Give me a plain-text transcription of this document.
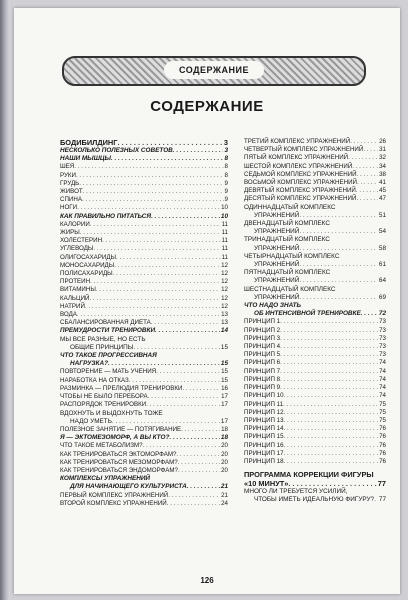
СОДЕРЖАНИЕ
СОДЕРЖАНИЕ
БОДИБИЛДИНГ . . .	3
НЕСКОЛЬКО ПОЛЕЗНЫХ СОВЕТОВ . . .	3
НАШИ МЫШЦЫ . . .	8
ШЕЯ . . .	8
РУКИ . . .	8
ГРУДЬ . . .	9
ЖИВОТ . . .	9
СПИНА . . .	9
НОГИ . . .	10
КАК ПРАВИЛЬНО ПИТАТЬСЯ . . .	10
КАЛОРИИ . . .	11
ЖИРЫ . . .	11
ХОЛЕСТЕРИН . . .	11
УГЛЕВОДЫ . . .	11
ОЛИГОСАХАРИДЫ . . .	11
МОНОСАХАРИДЫ . . .	12
ПОЛИСАХАРИДЫ . . .	12
ПРОТЕИН . . .	12
ВИТАМИНЫ . . .	12
КАЛЬЦИЙ . . .	12
НАТРИЙ . . .	12
ВОДА . . .	13
СБАЛАНСИРОВАННАЯ ДИЕТА . . .	13
ПРЕМУДРОСТИ ТРЕНИРОВКИ . . .	14
МЫ ВСЕ РАЗНЫЕ, НО ЕСТЬ
ОБЩИЕ ПРИНЦИПЫ . . .	15
ЧТО ТАКОЕ ПРОГРЕССИВНАЯ
НАГРУЗКА? . . .	15
ПОВТОРЕНИЕ — МАТЬ УЧЕНИЯ . . .	15
НАРАБОТКА НА ОТКАЗ . . .	15
РАЗМИНКА — ПРЕЛЮДИЯ ТРЕНИРОВКИ . . .	16
ЧТОБЫ НЕ БЫЛО ПЕРЕБОРА . . .	17
РАСПОРЯДОК ТРЕНИРОВКИ . . .	17
ВДОХНУТЬ И ВЫДОХНУТЬ ТОЖЕ
НАДО УМЕТЬ . . .	17
ПОЛЕЗНОЕ ЗАНЯТИЕ — ПОТЯГИВАНИЕ . . .	18
Я — ЭКТОМЕЗОМОРФ, А ВЫ КТО? . . .	18
ЧТО ТАКОЕ МЕТАБОЛИЗМ? . . .	20
КАК ТРЕНИРОВАТЬСЯ ЭКТОМОРФАМ? . . .	20
КАК ТРЕНИРОВАТЬСЯ МЕЗОМОРФАМ? . . .	20
КАК ТРЕНИРОВАТЬСЯ ЭНДОМОРФАМ? . . .	20
КОМПЛЕКСЫ УПРАЖНЕНИЙ
ДЛЯ НАЧИНАЮЩЕГО КУЛЬТУРИСТА . . .	21
ПЕРВЫЙ КОМПЛЕКС УПРАЖНЕНИЙ . . .	21
ВТОРОЙ КОМПЛЕКС УПРАЖНЕНИЙ . . .	24
ТРЕТИЙ КОМПЛЕКС УПРАЖНЕНИЙ . . .	26
ЧЕТВЕРТЫЙ КОМПЛЕКС УПРАЖНЕНИЙ . . .	31
ПЯТЫЙ КОМПЛЕКС УПРАЖНЕНИЙ . . .	32
ШЕСТОЙ КОМПЛЕКС УПРАЖНЕНИЙ . . .	34
СЕДЬМОЙ КОМПЛЕКС УПРАЖНЕНИЙ . . .	38
ВОСЬМОЙ КОМПЛЕКС УПРАЖНЕНИЙ . . .	41
ДЕВЯТЫЙ КОМПЛЕКС УПРАЖНЕНИЙ . . .	45
ДЕСЯТЫЙ КОМПЛЕКС УПРАЖНЕНИЙ . . .	47
ОДИННАДЦАТЫЙ КОМПЛЕКС
УПРАЖНЕНИЙ . . .	51
ДВЕНАДЦАТЫЙ КОМПЛЕКС
УПРАЖНЕНИЙ . . .	54
ТРИНАДЦАТЫЙ КОМПЛЕКС
УПРАЖНЕНИЙ . . .	58
ЧЕТЫРНАДЦАТЫЙ КОМПЛЕКС
УПРАЖНЕНИЙ . . .	61
ПЯТНАДЦАТЫЙ КОМПЛЕКС
УПРАЖНЕНИЙ . . .	64
ШЕСТНАДЦАТЫЙ КОМПЛЕКС
УПРАЖНЕНИЙ . . .	69
ЧТО НАДО ЗНАТЬ
ОБ ИНТЕНСИВНОЙ ТРЕНИРОВКЕ . . .	72
ПРИНЦИП 1 . . .	73
ПРИНЦИП 2 . . .	73
ПРИНЦИП 3 . . .	73
ПРИНЦИП 4 . . .	73
ПРИНЦИП 5 . . .	73
ПРИНЦИП 6 . . .	74
ПРИНЦИП 7 . . .	74
ПРИНЦИП 8 . . .	74
ПРИНЦИП 9 . . .	74
ПРИНЦИП 10 . . .	74
ПРИНЦИП 11 . . .	75
ПРИНЦИП 12 . . .	75
ПРИНЦИП 13 . . .	75
ПРИНЦИП 14 . . .	76
ПРИНЦИП 15 . . .	76
ПРИНЦИП 16 . . .	76
ПРИНЦИП 17 . . .	76
ПРИНЦИП 18 . . .	76
ПРОГРАММА КОРРЕКЦИИ ФИГУРЫ
«10 МИНУТ» . . .	77
МНОГО ЛИ ТРЕБУЕТСЯ УСИЛИЙ,
ЧТОБЫ ИМЕТЬ ИДЕАЛЬНУЮ ФИГУРУ? . . . 77
126
